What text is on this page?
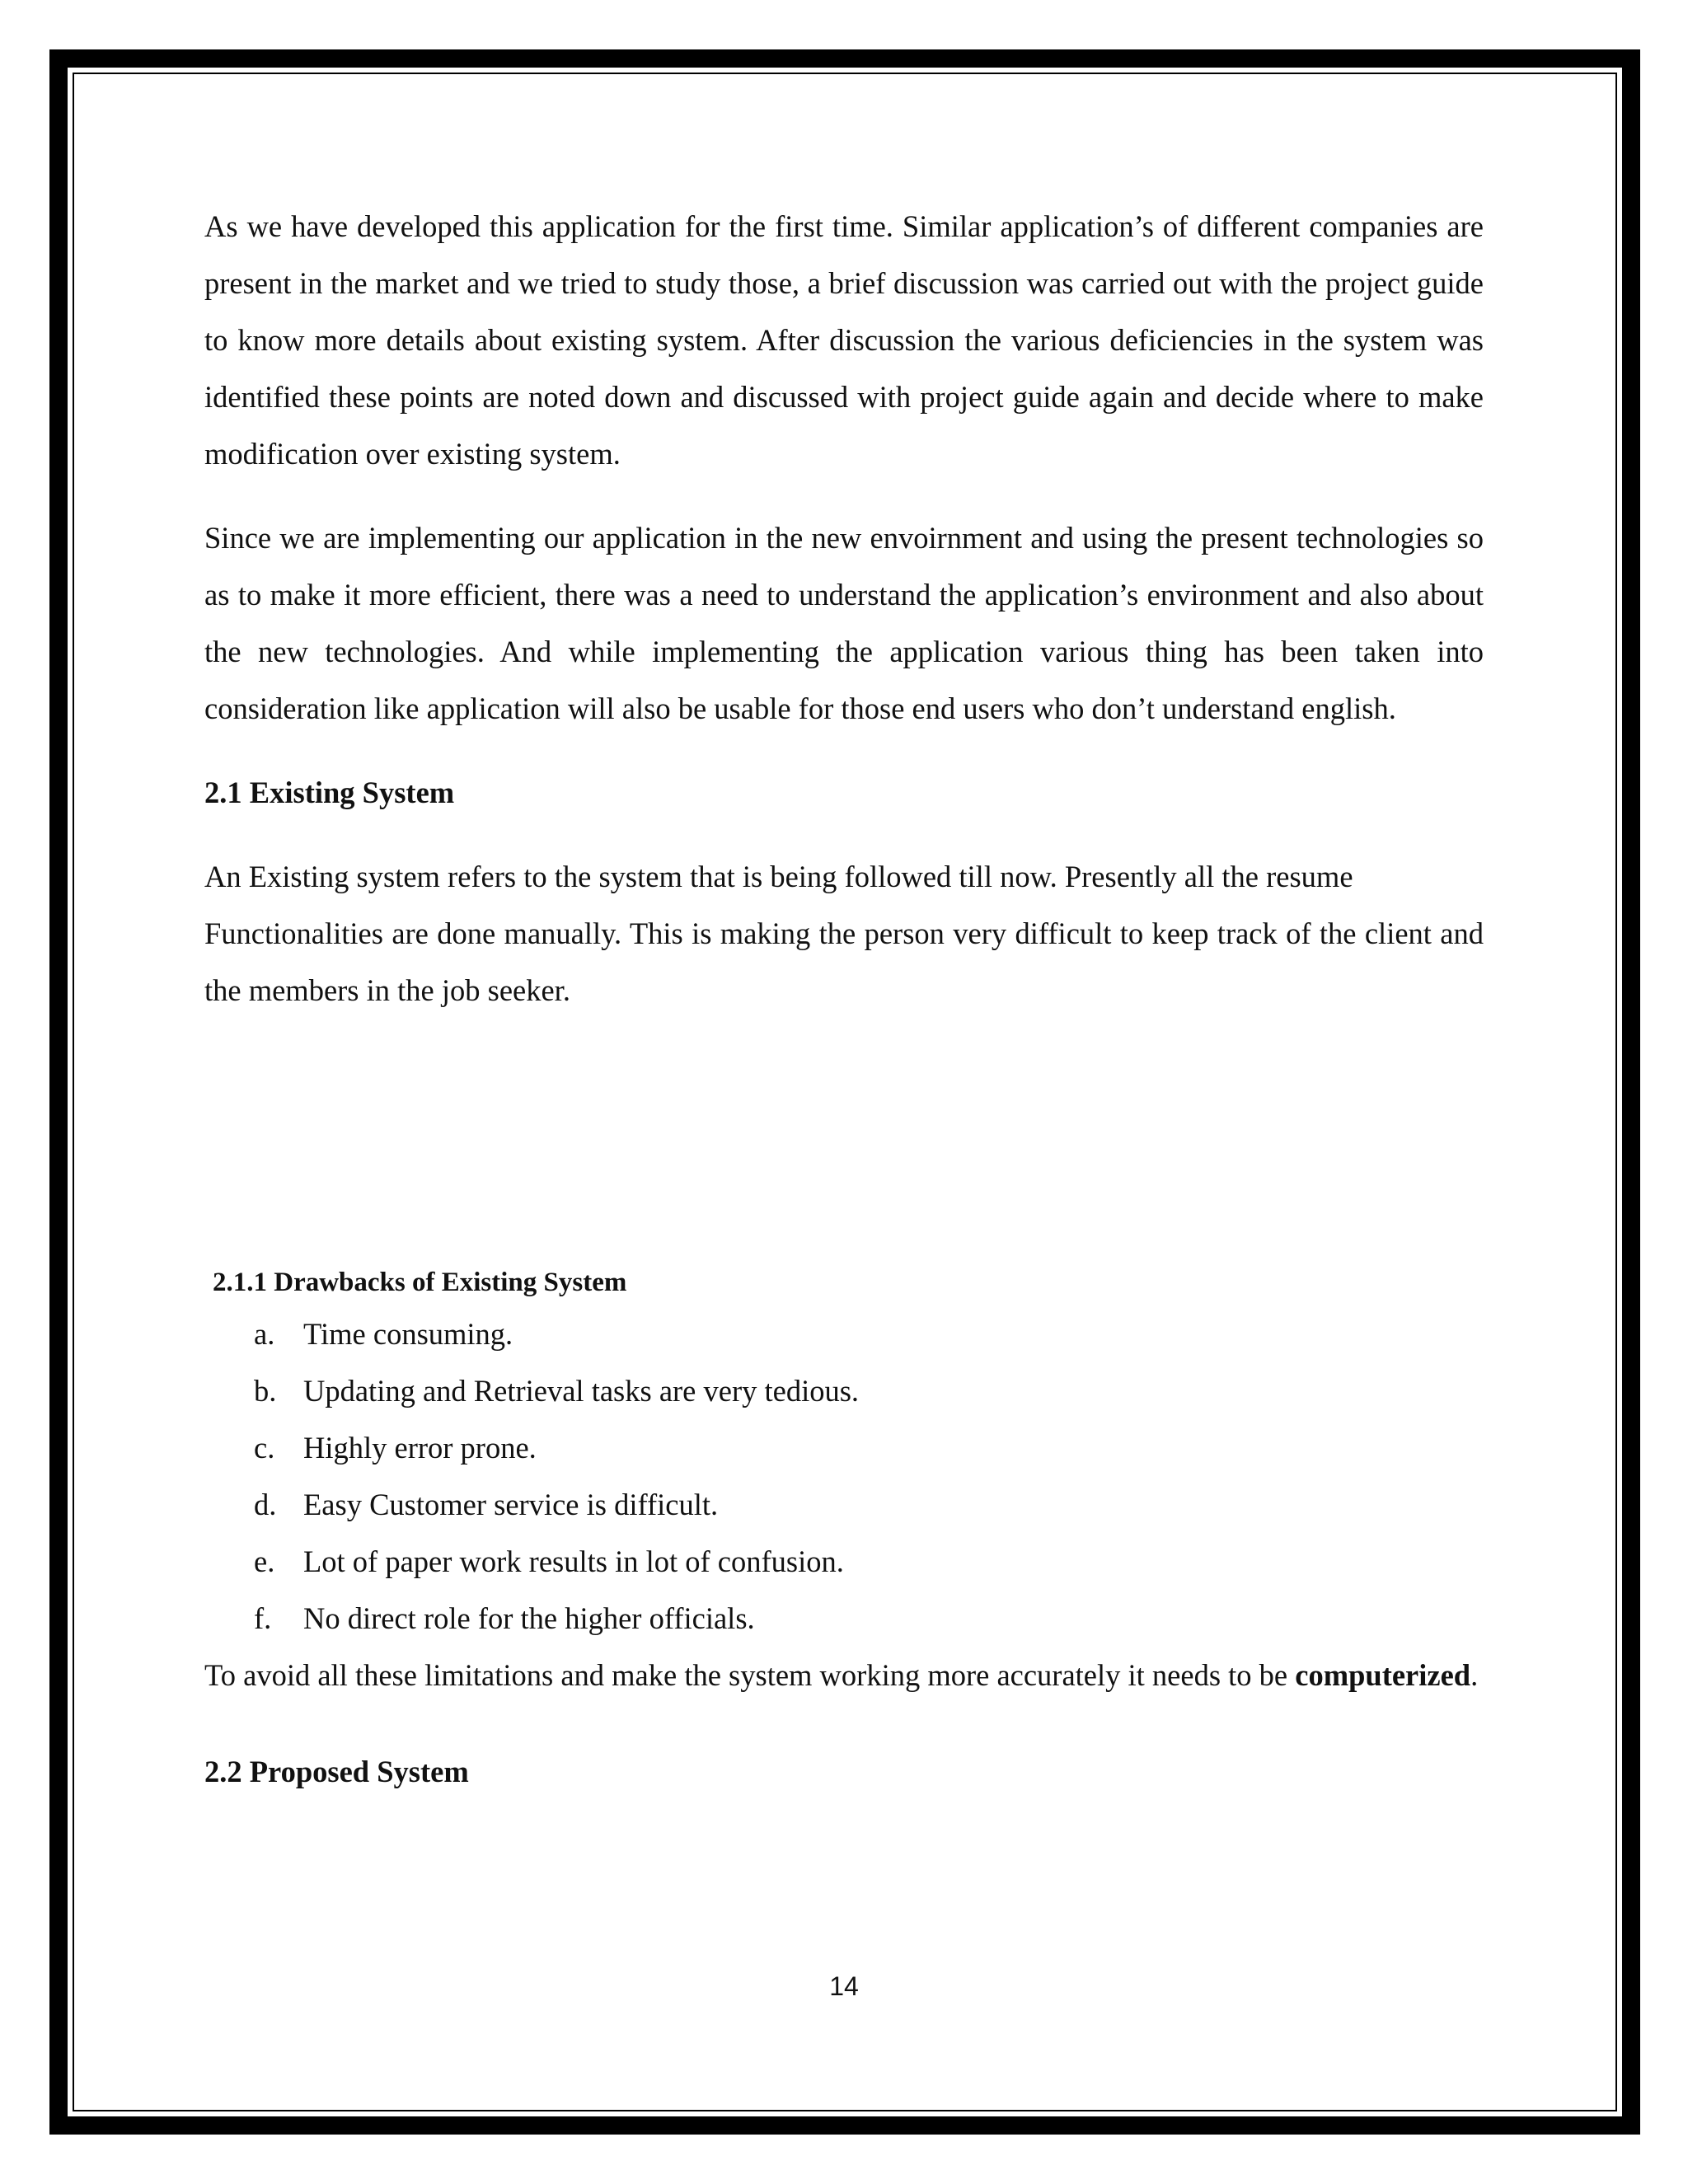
As we have developed this application for the first time. Similar application’s of different companies are present in the market and we tried to study those, a brief discussion was carried out with the project guide to know more details about existing system. After discussion the various deficiencies in the system was identified these points are noted down and discussed with project guide again and decide where to make modification over existing system.

Since we are implementing our application in the new envoirnment and using the present technologies so as to make it more efficient, there was a need to understand the application’s environment and also about the new technologies. And while implementing the application various thing has been taken into consideration like application will also be usable for those end users who don’t understand english.

2.1 Existing System

An Existing system refers to the system that is being followed till now. Presently all the resume
Functionalities are done manually. This is making the person very difficult to keep track of the client and the members in the job seeker.

2.1.1 Drawbacks of Existing System
a. Time consuming.
b. Updating and Retrieval tasks are very tedious.
c. Highly error prone.
d. Easy Customer service is difficult.
e. Lot of paper work results in lot of confusion.
f.	No direct role for the higher officials.

To avoid all these limitations and make the system working more accurately it needs to be computerized.

2.2 Proposed System
14
